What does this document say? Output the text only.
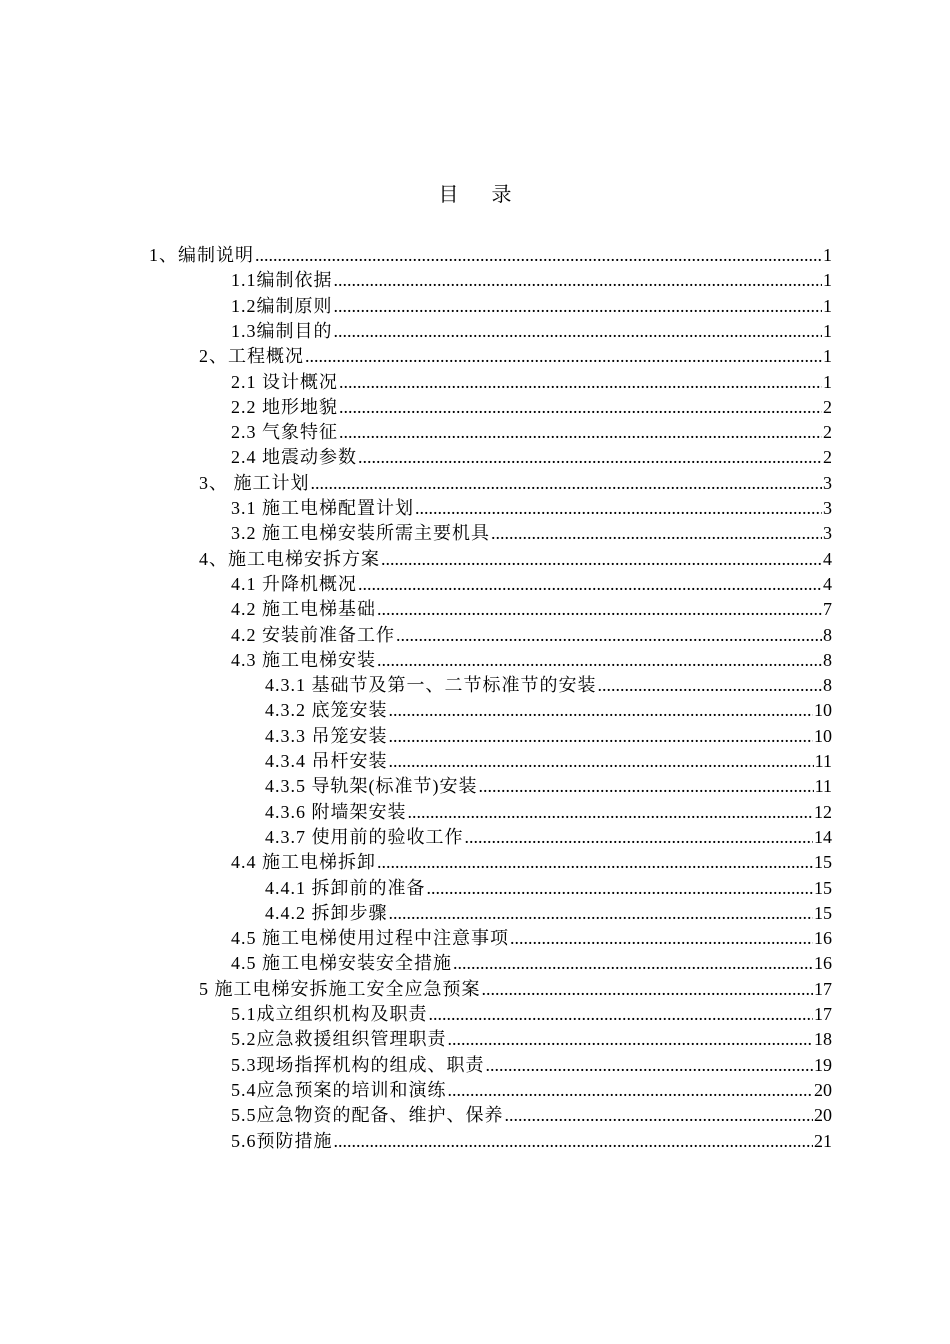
目 录
1、编制说明 .....	1
1.1编制依据 .....	1
1.2编制原则 .....	1
1.3编制目的 .....	1
2、工程概况 .....	1
2.1 设计概况 .....	1
2.2 地形地貌 .....	2
2.3 气象特征 .....	2
2.4 地震动参数 .....	2
3、 施工计划 .....	3
3.1 施工电梯配置计划 .....	3
3.2 施工电梯安装所需主要机具 .....	3
4、施工电梯安拆方案 .....	4
4.1 升降机概况 .....	4
4.2 施工电梯基础 .....	7
4.2 安装前准备工作 .....	8
4.3 施工电梯安装 .....	8
4.3.1 基础节及第一、二节标准节的安装 .....	8
4.3.2 底笼安装 .....	10
4.3.3 吊笼安装 .....	10
4.3.4 吊杆安装 .....	11
4.3.5 导轨架(标准节)安装 .....	11
4.3.6 附墙架安装 .....	12
4.3.7 使用前的验收工作 .....	14
4.4 施工电梯拆卸 .....	15
4.4.1 拆卸前的准备 .....	15
4.4.2 拆卸步骤 .....	15
4.5 施工电梯使用过程中注意事项 .....	16
4.5 施工电梯安装安全措施 .....	16
5 施工电梯安拆施工安全应急预案 .....	17
5.1成立组织机构及职责 .....	17
5.2应急救援组织管理职责 .....	18
5.3现场指挥机构的组成、职责 .....	19
5.4应急预案的培训和演练 .....	20
5.5应急物资的配备、维护、保养 .....	20
5.6预防措施 .....	21
